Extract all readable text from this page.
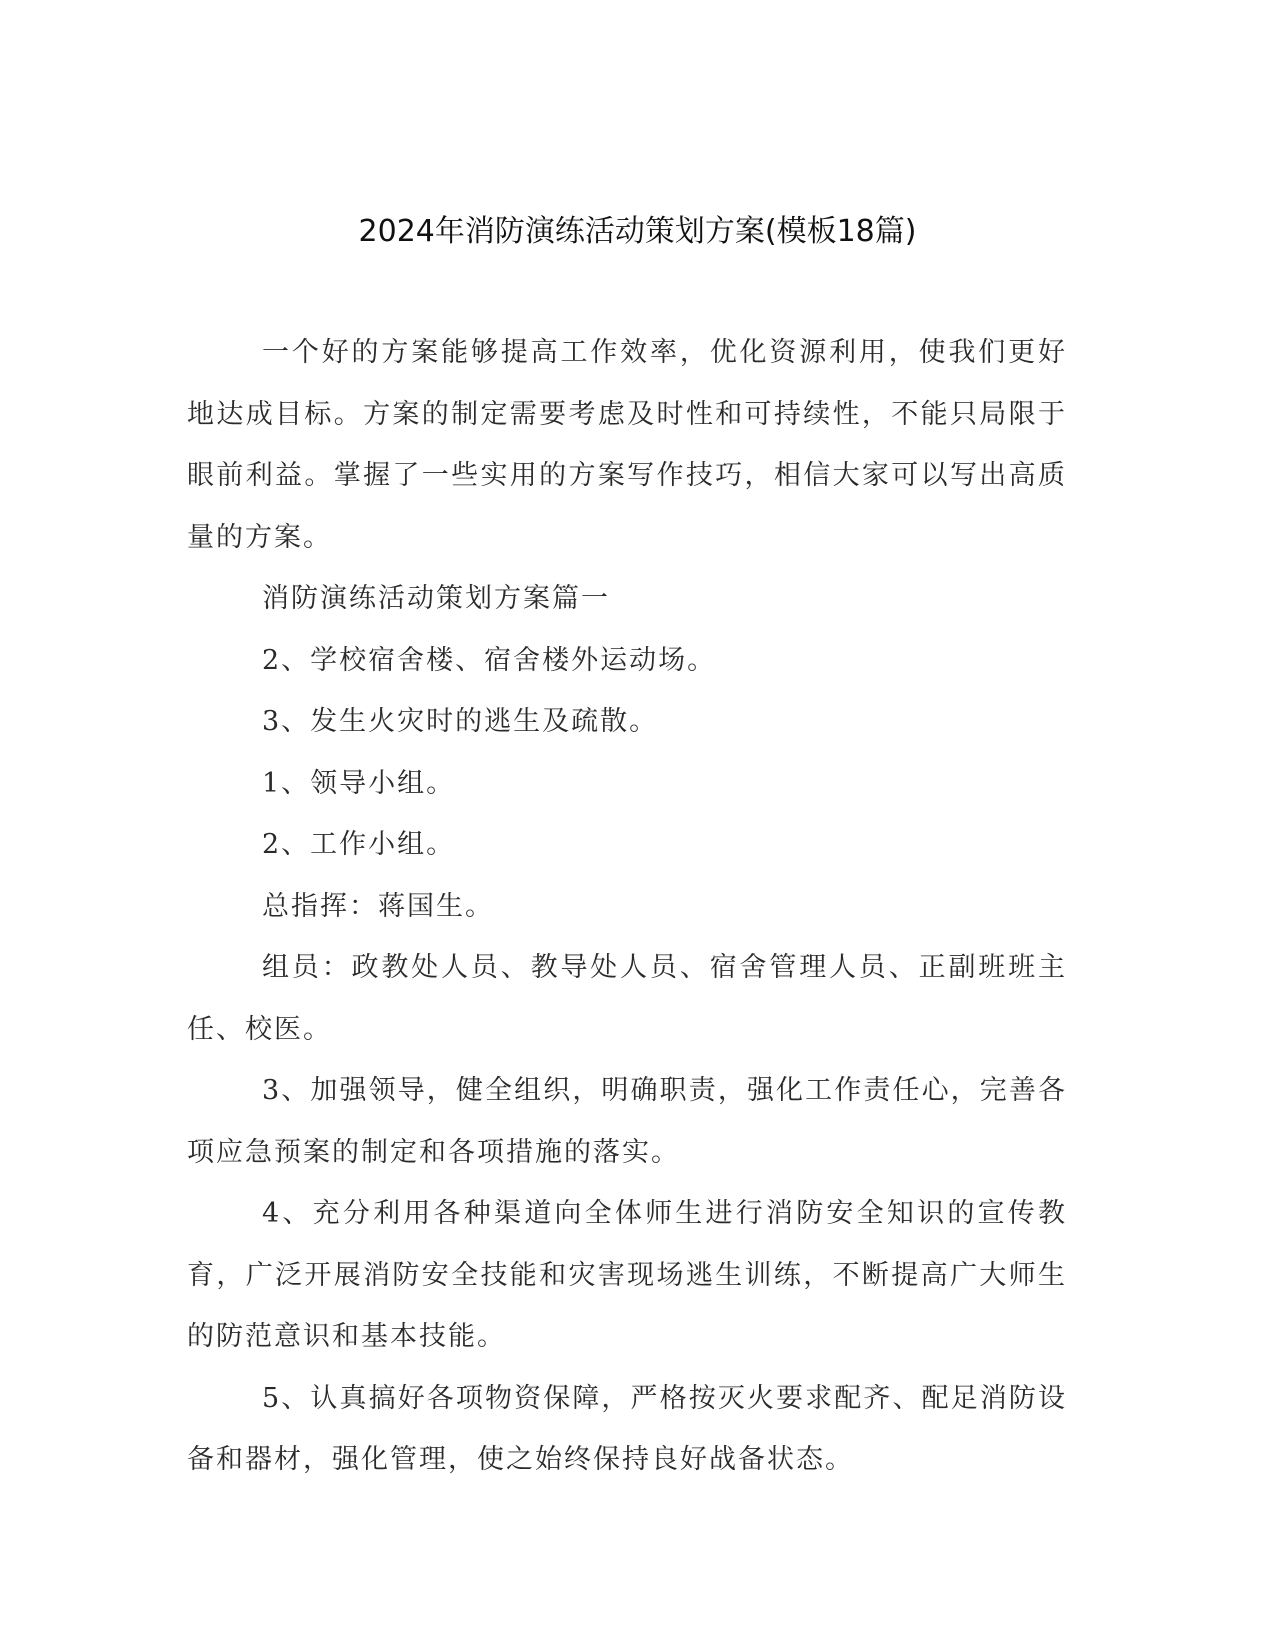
2024年消防演练活动策划方案(模板18篇)

一个好的方案能够提高工作效率，优化资源利用，使我们更好地达成目标。方案的制定需要考虑及时性和可持续性，不能只局限于眼前利益。掌握了一些实用的方案写作技巧，相信大家可以写出高质量的方案。

消防演练活动策划方案篇一

2、学校宿舍楼、宿舍楼外运动场。

3、发生火灾时的逃生及疏散。

1、领导小组。

2、工作小组。

总指挥：蒋国生。

组员：政教处人员、教导处人员、宿舍管理人员、正副班班主任、校医。

3、加强领导，健全组织，明确职责，强化工作责任心，完善各项应急预案的制定和各项措施的落实。

4、充分利用各种渠道向全体师生进行消防安全知识的宣传教育，广泛开展消防安全技能和灾害现场逃生训练，不断提高广大师生的防范意识和基本技能。

5、认真搞好各项物资保障，严格按灭火要求配齐、配足消防设备和器材，强化管理，使之始终保持良好战备状态。
